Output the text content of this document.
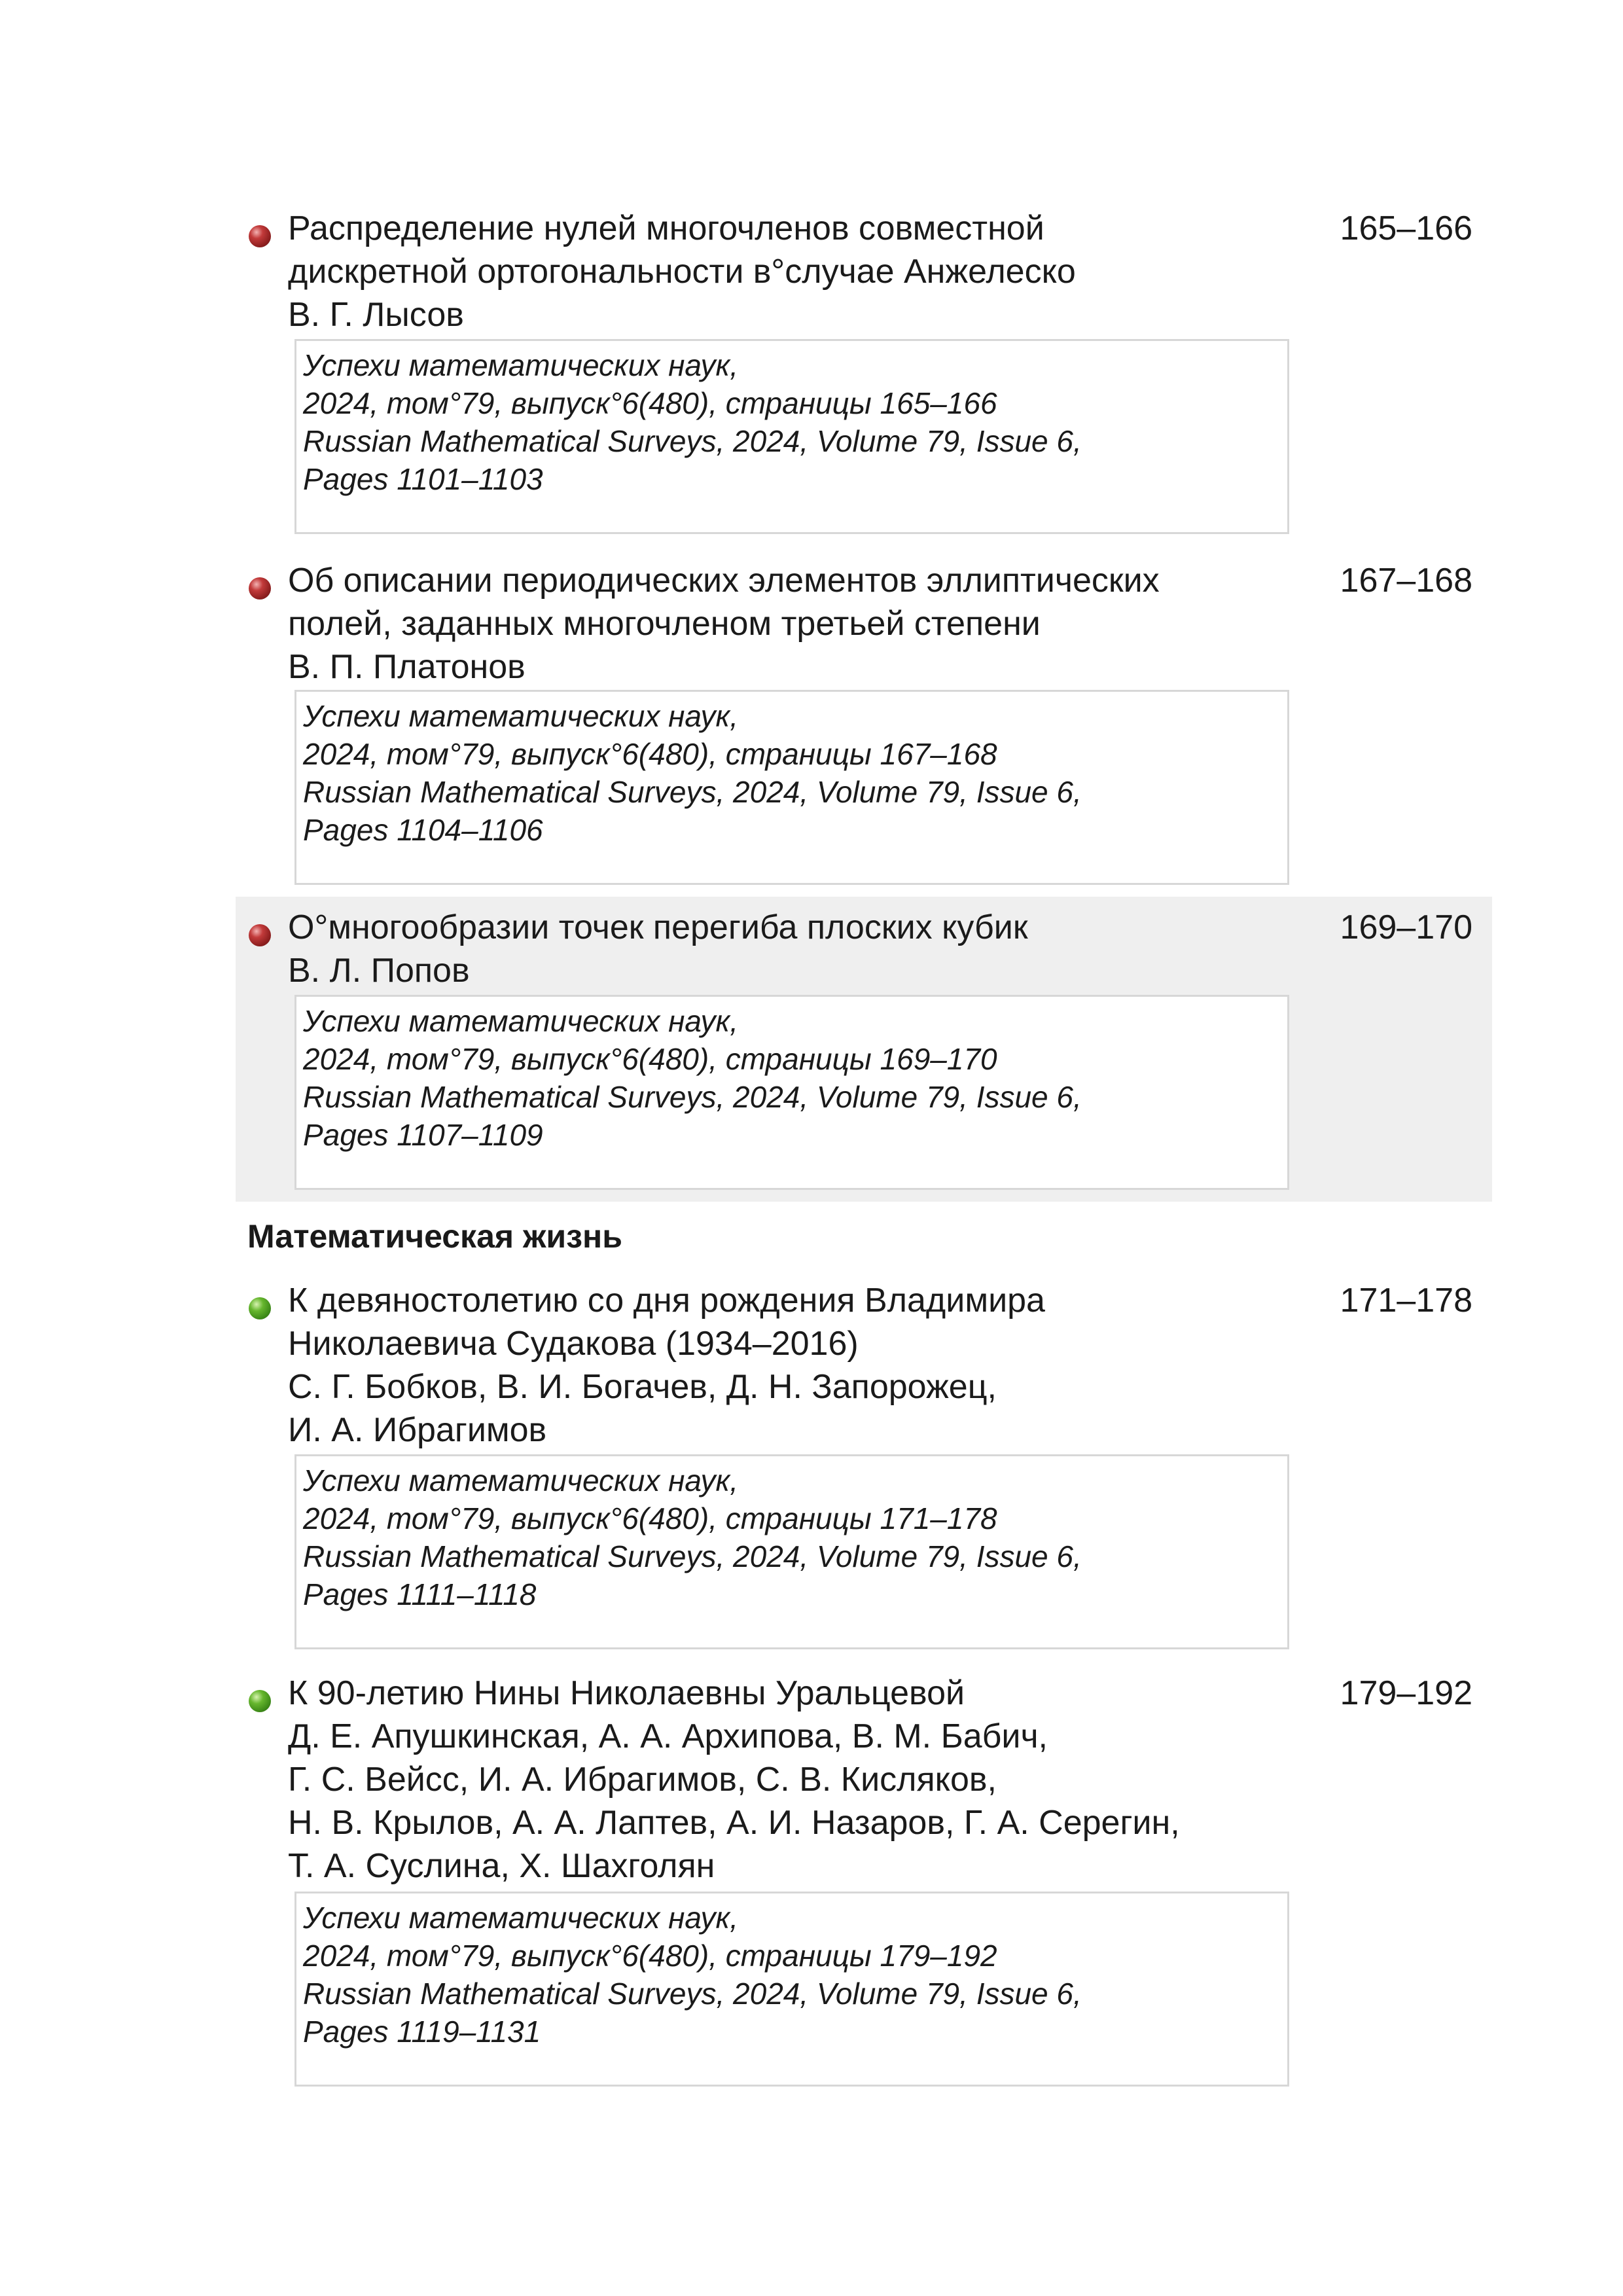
Распределение нулей многочленов совместной

дискретной ортогональности в°случае Анжелеско

В. Г. Лысов

165–166

Успехи математических наук,

2024, том°79, выпуск°6(480), страницы 165–166

Russian Mathematical Surveys, 2024, Volume 79, Issue 6,

Pages 1101–1103

Об описании периодических элементов эллиптических

полей, заданных многочленом третьей степени

В. П. Платонов

167–168

Успехи математических наук,

2024, том°79, выпуск°6(480), страницы 167–168

Russian Mathematical Surveys, 2024, Volume 79, Issue 6,

Pages 1104–1106

О°многообразии точек перегиба плоских кубик

В. Л. Попов

169–170

Успехи математических наук,

2024, том°79, выпуск°6(480), страницы 169–170

Russian Mathematical Surveys, 2024, Volume 79, Issue 6,

Pages 1107–1109

Математическая жизнь

К девяностолетию со дня рождения Владимира

Николаевича Судакова (1934–2016)

С. Г. Бобков, В. И. Богачев, Д. Н. Запорожец,

И. А. Ибрагимов

171–178

Успехи математических наук,

2024, том°79, выпуск°6(480), страницы 171–178

Russian Mathematical Surveys, 2024, Volume 79, Issue 6,

Pages 1111–1118

К 90-летию Нины Николаевны Уральцевой

Д. Е. Апушкинская, А. А. Архипова, В. М. Бабич,

Г. С. Вейсс, И. А. Ибрагимов, С. В. Кисляков,

Н. В. Крылов, А. А. Лаптев, А. И. Назаров, Г. А. Серегин,

Т. А. Суслина, Х. Шахголян

179–192

Успехи математических наук,

2024, том°79, выпуск°6(480), страницы 179–192

Russian Mathematical Surveys, 2024, Volume 79, Issue 6,

Pages 1119–1131
